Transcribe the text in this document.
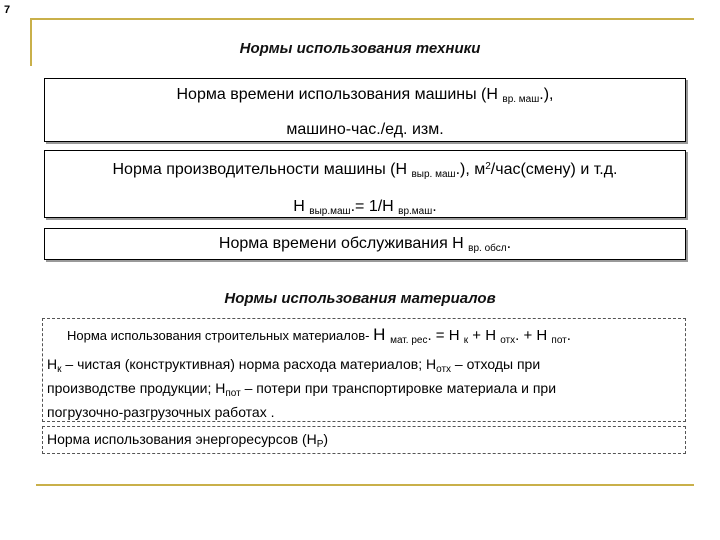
7
Нормы использования техники
Норма времени использования машины (Н $_{вр. маш}$.),
машино-час./ед. изм.
Норма производительности машины (Н $_{выр. маш}$.), $м^2/час(смену)$ и т.д.
Н $_{выр.маш}$.= 1/Н $_{вр.маш}$.
Норма времени обслуживания Н $_{вр. обсл}$.
Нормы использования материалов
Норма использования строительных материалов- Н $_{мат. рес}$. = Н $_к$ + Н $_{отх}$. + Н $_{пот}$.
$Н_к$ – чистая (конструктивная) норма расхода материалов; $Н_{отх}$ – отходы при
производстве продукции; $Н_{пот}$ – потери при транспортировке материала и при
погрузочно-разгрузочных работах .
Норма использования энергоресурсов $(Н_Р)$
